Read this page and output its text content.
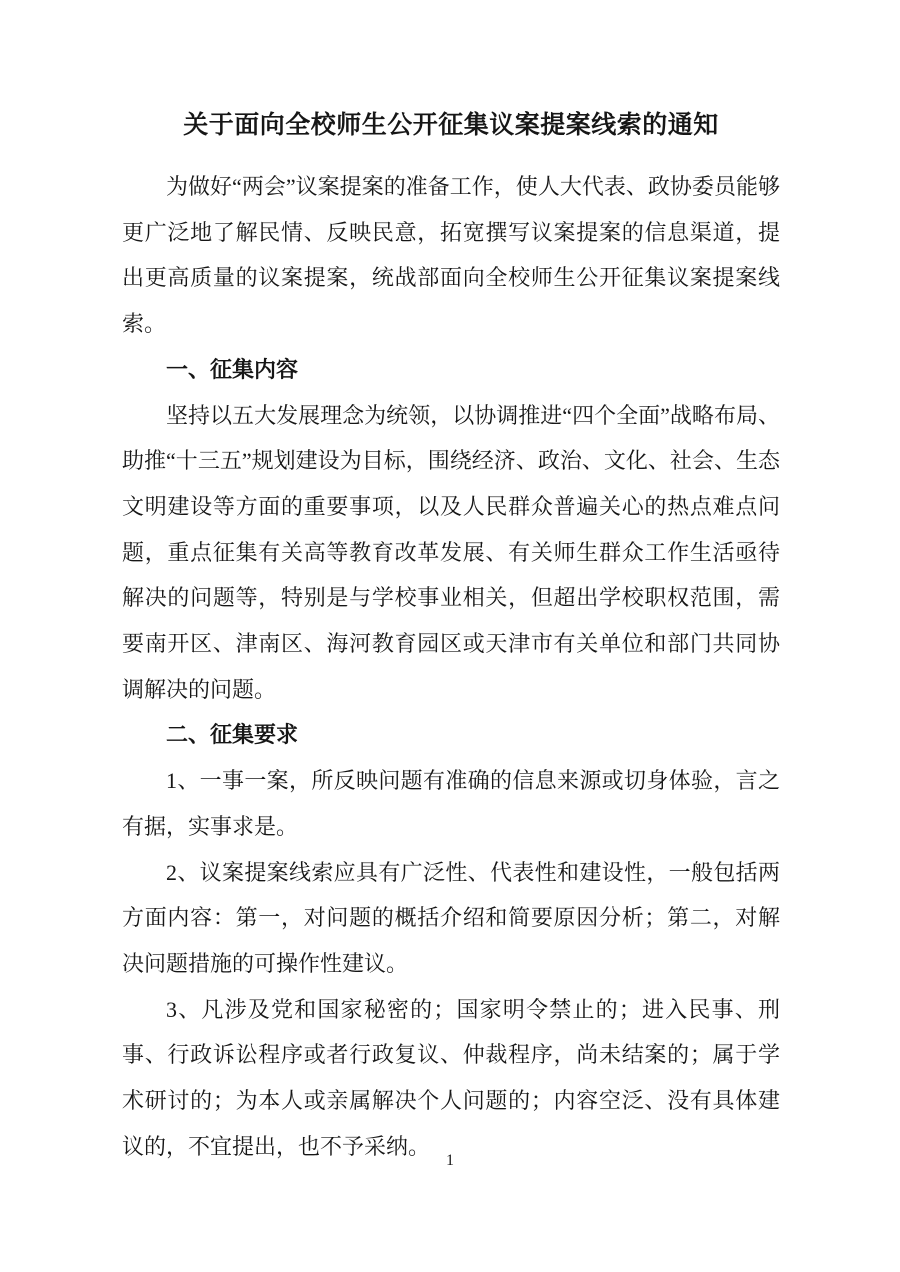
关于面向全校师生公开征集议案提案线索的通知

为做好“两会”议案提案的准备工作，使人大代表、政协委员能够更广泛地了解民情、反映民意，拓宽撰写议案提案的信息渠道，提出更高质量的议案提案，统战部面向全校师生公开征集议案提案线索。

一、征集内容

坚持以五大发展理念为统领，以协调推进“四个全面”战略布局、助推“十三五”规划建设为目标，围绕经济、政治、文化、社会、生态文明建设等方面的重要事项，以及人民群众普遍关心的热点难点问题，重点征集有关高等教育改革发展、有关师生群众工作生活亟待解决的问题等，特别是与学校事业相关，但超出学校职权范围，需要南开区、津南区、海河教育园区或天津市有关单位和部门共同协调解决的问题。

二、征集要求

1、一事一案，所反映问题有准确的信息来源或切身体验，言之有据，实事求是。

2、议案提案线索应具有广泛性、代表性和建设性，一般包括两方面内容：第一，对问题的概括介绍和简要原因分析；第二，对解决问题措施的可操作性建议。

3、凡涉及党和国家秘密的；国家明令禁止的；进入民事、刑事、行政诉讼程序或者行政复议、仲裁程序，尚未结案的；属于学术研讨的；为本人或亲属解决个人问题的；内容空泛、没有具体建议的，不宜提出，也不予采纳。

1
